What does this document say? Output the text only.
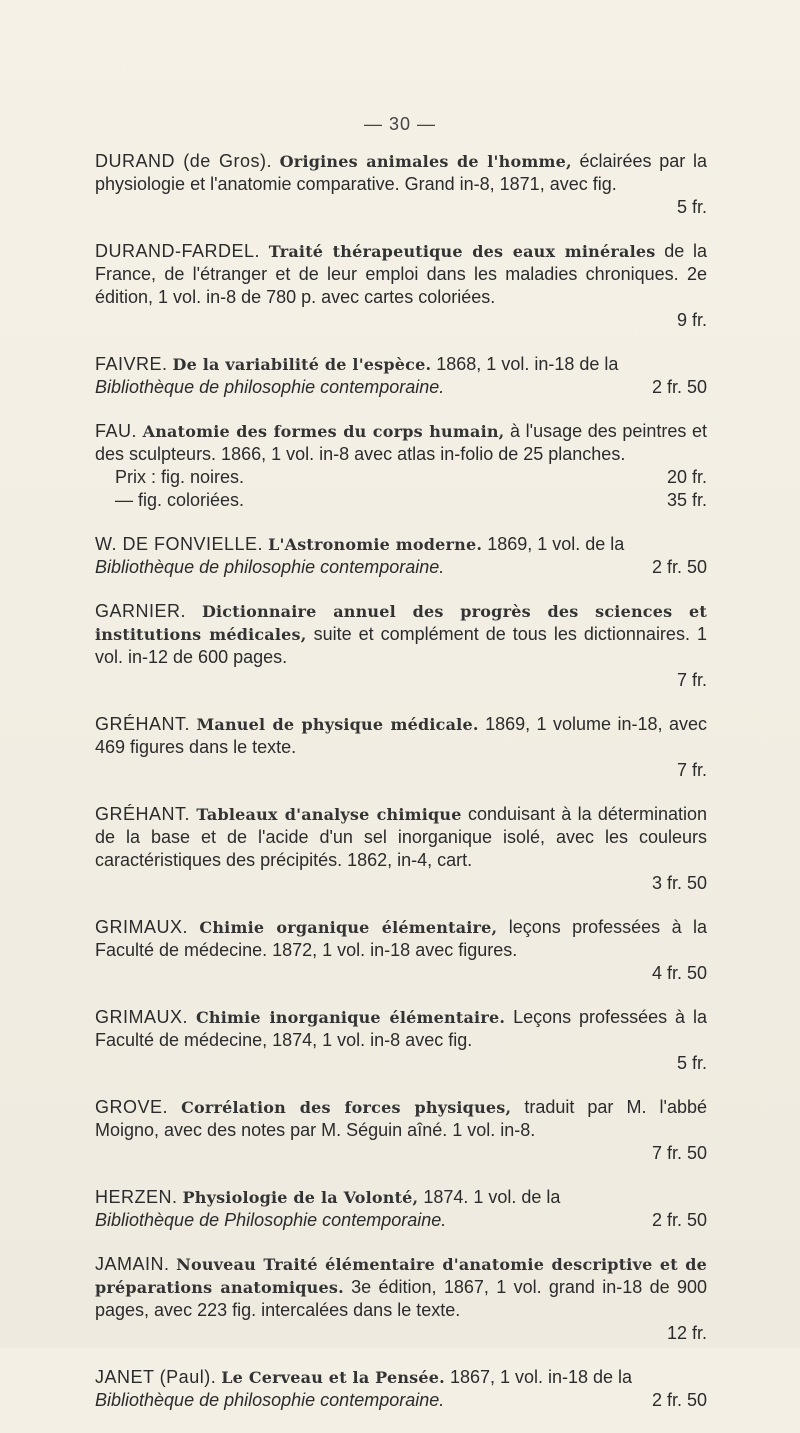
— 30 —
DURAND (de Gros). Origines animales de l'homme, éclairées par la physiologie et l'anatomie comparative. Grand in-8, 1871, avec fig.
5 fr.
DURAND-FARDEL. Traité thérapeutique des eaux minérales de la France, de l'étranger et de leur emploi dans les maladies chroniques. 2e édition, 1 vol. in-8 de 780 p. avec cartes coloriées.
9 fr.
FAIVRE. De la variabilité de l'espèce. 1868, 1 vol. in-18 de la
Bibliothèque de philosophie contemporaine.	2 fr. 50
FAU. Anatomie des formes du corps humain, à l'usage des peintres et des sculpteurs. 1866, 1 vol. in-8 avec atlas in-folio de 25 planches.
Prix : fig. noires.	20 fr.
— fig. coloriées.	35 fr.
W. DE FONVIELLE. L'Astronomie moderne. 1869, 1 vol. de la
Bibliothèque de philosophie contemporaine.	2 fr. 50
GARNIER. Dictionnaire annuel des progrès des sciences et institutions médicales, suite et complément de tous les dictionnaires. 1 vol. in-12 de 600 pages.
7 fr.
GRÉHANT. Manuel de physique médicale. 1869, 1 volume in-18, avec 469 figures dans le texte.
7 fr.
GRÉHANT. Tableaux d'analyse chimique conduisant à la détermination de la base et de l'acide d'un sel inorganique isolé, avec les couleurs caractéristiques des précipités. 1862, in-4, cart.
3 fr. 50
GRIMAUX. Chimie organique élémentaire, leçons professées à la Faculté de médecine. 1872, 1 vol. in-18 avec figures.
4 fr. 50
GRIMAUX. Chimie inorganique élémentaire. Leçons professées à la Faculté de médecine, 1874, 1 vol. in-8 avec fig.
5 fr.
GROVE. Corrélation des forces physiques, traduit par M. l'abbé Moigno, avec des notes par M. Séguin aîné. 1 vol. in-8.
7 fr. 50
HERZEN. Physiologie de la Volonté, 1874. 1 vol. de la
Bibliothèque de Philosophie contemporaine.	2 fr. 50
JAMAIN. Nouveau Traité élémentaire d'anatomie descriptive et de préparations anatomiques. 3e édition, 1867, 1 vol. grand in-18 de 900 pages, avec 223 fig. intercalées dans le texte.
12 fr.
JANET (Paul). Le Cerveau et la Pensée. 1867, 1 vol. in-18 de la
Bibliothèque de philosophie contemporaine.	2 fr. 50
